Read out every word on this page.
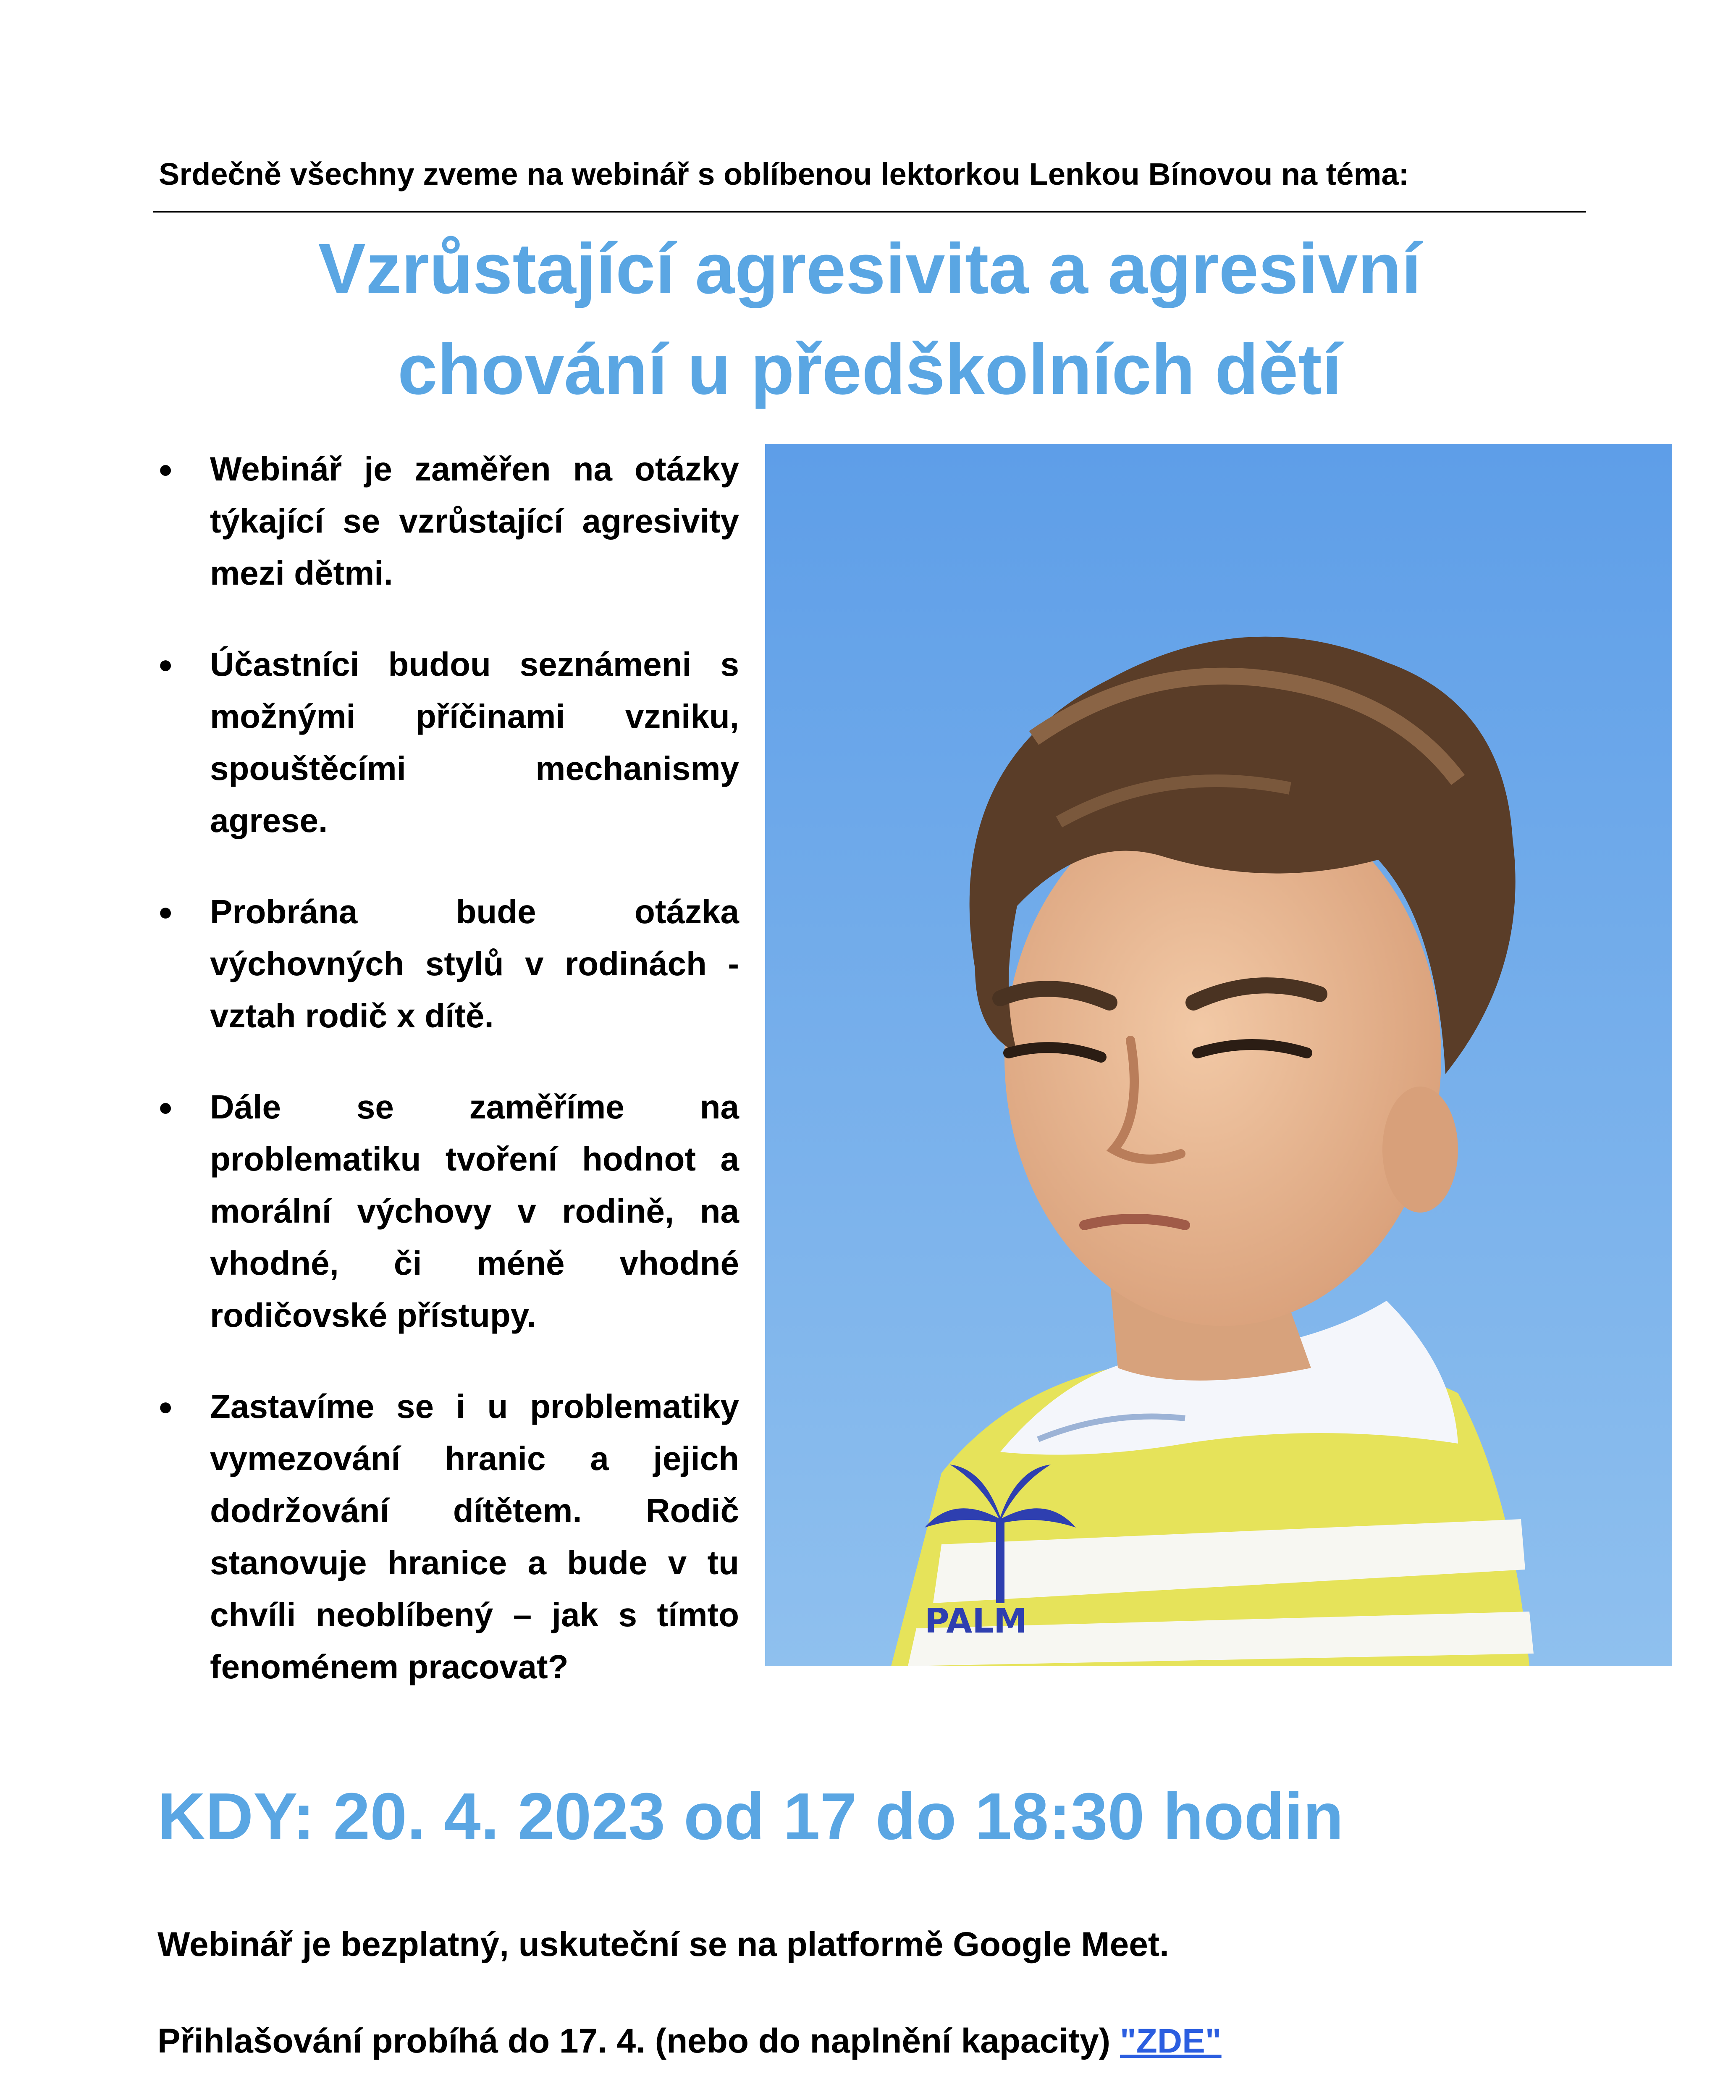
Srdečně všechny zveme na webinář s oblíbenou lektorkou Lenkou Bínovou na téma:
Vzrůstající agresivita a agresivní
chování u předškolních dětí
● Webinář je zaměřen na otázky týkající se vzrůstající agresivity mezi dětmi.
● Účastníci budou seznámeni s možnými příčinami vzniku, spouštěcími mechanismy agrese.
● Probrána bude otázka výchovných stylů v rodinách - vztah rodič x dítě.
● Dále se zaměříme na problematiku tvoření hodnot a morální výchovy v rodině, na vhodné, či méně vhodné rodičovské přístupy.
● Zastavíme se i u problematiky vymezování hranic a jejich dodržování dítětem. Rodič stanovuje hranice a bude v tu chvíli neoblíbený – jak s tímto fenoménem pracovat?
PALM
KDY: 20. 4. 2023 od 17 do 18:30 hodin
Webinář je bezplatný, uskuteční se na platformě Google Meet.
Přihlašování probíhá do 17. 4. (nebo do naplnění kapacity) "ZDE"
